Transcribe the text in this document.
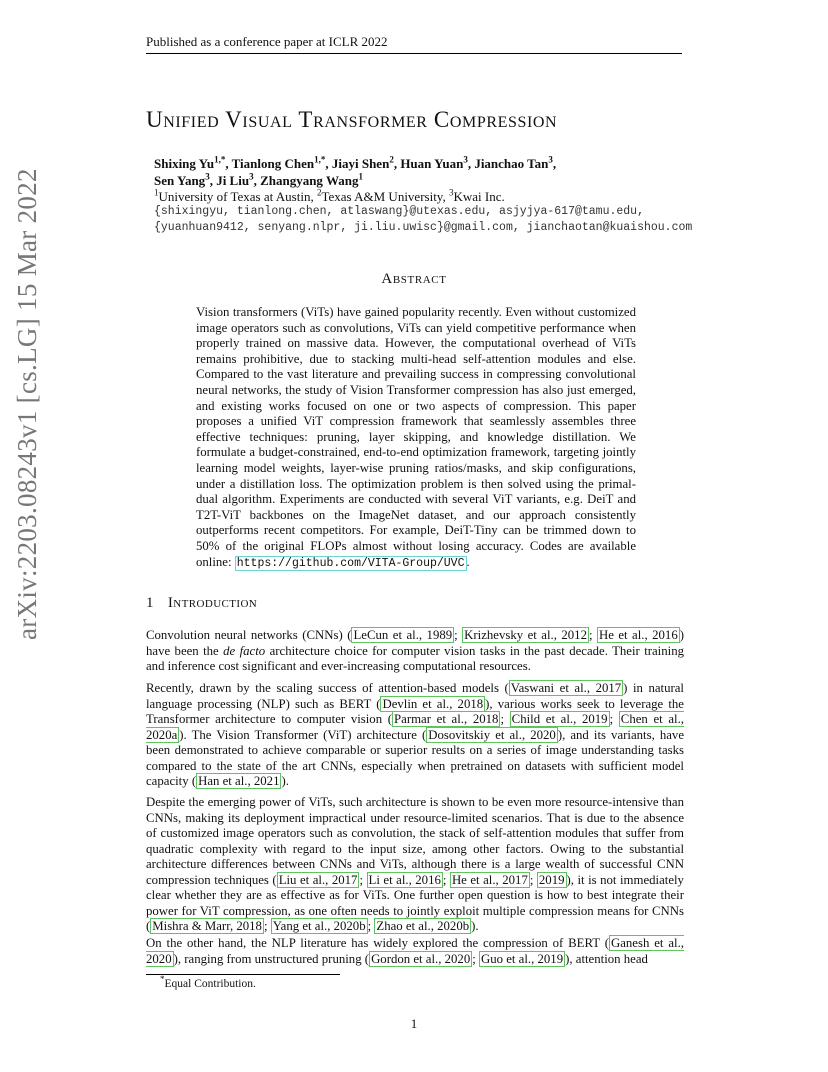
Published as a conference paper at ICLR 2022
arXiv:2203.08243v1 [cs.LG] 15 Mar 2022
Unified Visual Transformer Compression
Shixing $Yu^{1,*}$, Tianlong Chen$^{1,*}$, Jiayi Shen$^2$, Huan Yuan$^3$, Jianchao Tan$^3$,
Sen Yang$^3$, Ji Liu$^3$, Zhangyang Wang$^1$
$^1$University of Texas at Austin, $^2$Texas A&M University, $^3$Kwai Inc.
{shixingyu, tianlong.chen, atlaswang}@utexas.edu, asjyjya-617@tamu.edu,
{yuanhuan9412, senyang.nlpr, ji.liu.uwisc}@gmail.com, jianchaotan@kuaishou.com
Abstract
Vision transformers (ViTs) have gained popularity recently. Even without customized image operators such as convolutions, ViTs can yield competitive performance when properly trained on massive data. However, the computational overhead of ViTs remains prohibitive, due to stacking multi-head self-attention modules and else. Compared to the vast literature and prevailing success in compressing convolutional neural networks, the study of Vision Transformer compression has also just emerged, and existing works focused on one or two aspects of compression. This paper proposes a unified ViT compression framework that seamlessly assembles three effective techniques: pruning, layer skipping, and knowledge distillation. We formulate a budget-constrained, end-to-end optimization framework, targeting jointly learning model weights, layer-wise pruning ratios/masks, and skip configurations, under a distillation loss. The optimization problem is then solved using the primal-dual algorithm. Experiments are conducted with several ViT variants, e.g. DeiT and T2T-ViT backbones on the ImageNet dataset, and our approach consistently outperforms recent competitors. For example, DeiT-Tiny can be trimmed down to 50% of the original FLOPs almost without losing accuracy. Codes are available online: https://github.com/VITA-Group/UVC .
1 Introduction
Convolution neural networks (CNNs) ( LeCun et al., 1989 ; Krizhevsky et al., 2012 ; He et al., 2016 ) have been the de facto architecture choice for computer vision tasks in the past decade. Their training and inference cost significant and ever-increasing computational resources.
Recently, drawn by the scaling success of attention-based models ( Vaswani et al., 2017 ) in natural language processing (NLP) such as BERT ( Devlin et al., 2018 ), various works seek to leverage the Transformer architecture to computer vision ( Parmar et al., 2018 ; Child et al., 2019 ; Chen et al., 2020a ). The Vision Transformer (ViT) architecture ( Dosovitskiy et al., 2020 ), and its variants, have been demonstrated to achieve comparable or superior results on a series of image understanding tasks compared to the state of the art CNNs, especially when pretrained on datasets with sufficient model capacity ( Han et al., 2021 ).
Despite the emerging power of ViTs, such architecture is shown to be even more resource-intensive than CNNs, making its deployment impractical under resource-limited scenarios. That is due to the absence of customized image operators such as convolution, the stack of self-attention modules that suffer from quadratic complexity with regard to the input size, among other factors. Owing to the substantial architecture differences between CNNs and ViTs, although there is a large wealth of successful CNN compression techniques ( Liu et al., 2017 ; Li et al., 2016 ; He et al., 2017 ; 2019 ), it is not immediately clear whether they are as effective as for ViTs. One further open question is how to best integrate their power for ViT compression, as one often needs to jointly exploit multiple compression means for CNNs ( Mishra & Marr, 2018 ; Yang et al., 2020b ; Zhao et al., 2020b ).
On the other hand, the NLP literature has widely explored the compression of BERT ( Ganesh et al., 2020 ), ranging from unstructured pruning ( Gordon et al., 2020 ; Guo et al., 2019 ), attention head
*Equal Contribution.
1
